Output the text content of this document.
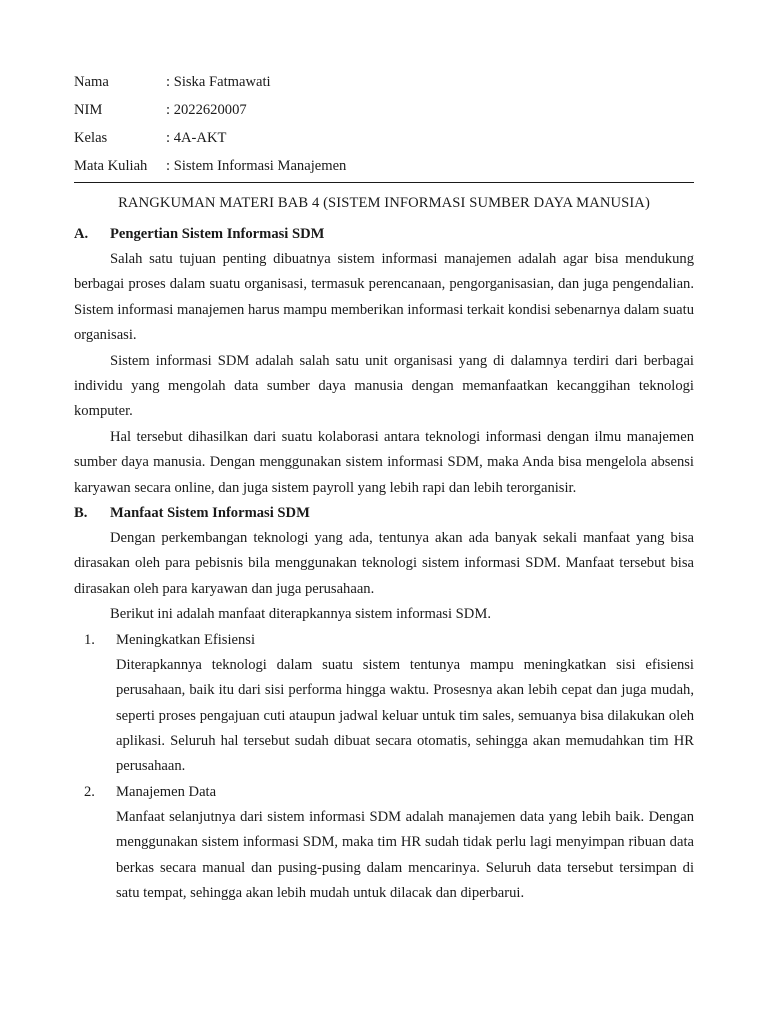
Nama	: Siska Fatmawati
NIM	: 2022620007
Kelas	: 4A-AKT
Mata Kuliah	: Sistem Informasi Manajemen
RANGKUMAN MATERI BAB 4 (SISTEM INFORMASI SUMBER DAYA MANUSIA)
A.	Pengertian Sistem Informasi SDM

Salah satu tujuan penting dibuatnya sistem informasi manajemen adalah agar bisa mendukung berbagai proses dalam suatu organisasi, termasuk perencanaan, pengorganisasian, dan juga pengendalian. Sistem informasi manajemen harus mampu memberikan informasi terkait kondisi sebenarnya dalam suatu organisasi.

Sistem informasi SDM adalah salah satu unit organisasi yang di dalamnya terdiri dari berbagai individu yang mengolah data sumber daya manusia dengan memanfaatkan kecanggihan teknologi komputer.

Hal tersebut dihasilkan dari suatu kolaborasi antara teknologi informasi dengan ilmu manajemen sumber daya manusia. Dengan menggunakan sistem informasi SDM, maka Anda bisa mengelola absensi karyawan secara online, dan juga sistem payroll yang lebih rapi dan lebih terorganisir.

B.	Manfaat Sistem Informasi SDM

Dengan perkembangan teknologi yang ada, tentunya akan ada banyak sekali manfaat yang bisa dirasakan oleh para pebisnis bila menggunakan teknologi sistem informasi SDM. Manfaat tersebut bisa dirasakan oleh para karyawan dan juga perusahaan.

Berikut ini adalah manfaat diterapkannya sistem informasi SDM.

1.	Meningkatkan Efisiensi

Diterapkannya teknologi dalam suatu sistem tentunya mampu meningkatkan sisi efisiensi perusahaan, baik itu dari sisi performa hingga waktu. Prosesnya akan lebih cepat dan juga mudah, seperti proses pengajuan cuti ataupun jadwal keluar untuk tim sales, semuanya bisa dilakukan oleh aplikasi. Seluruh hal tersebut sudah dibuat secara otomatis, sehingga akan memudahkan tim HR perusahaan.

2.	Manajemen Data

Manfaat selanjutnya dari sistem informasi SDM adalah manajemen data yang lebih baik. Dengan menggunakan sistem informasi SDM, maka tim HR sudah tidak perlu lagi menyimpan ribuan data berkas secara manual dan pusing-pusing dalam mencarinya. Seluruh data tersebut tersimpan di satu tempat, sehingga akan lebih mudah untuk dilacak dan diperbarui.
